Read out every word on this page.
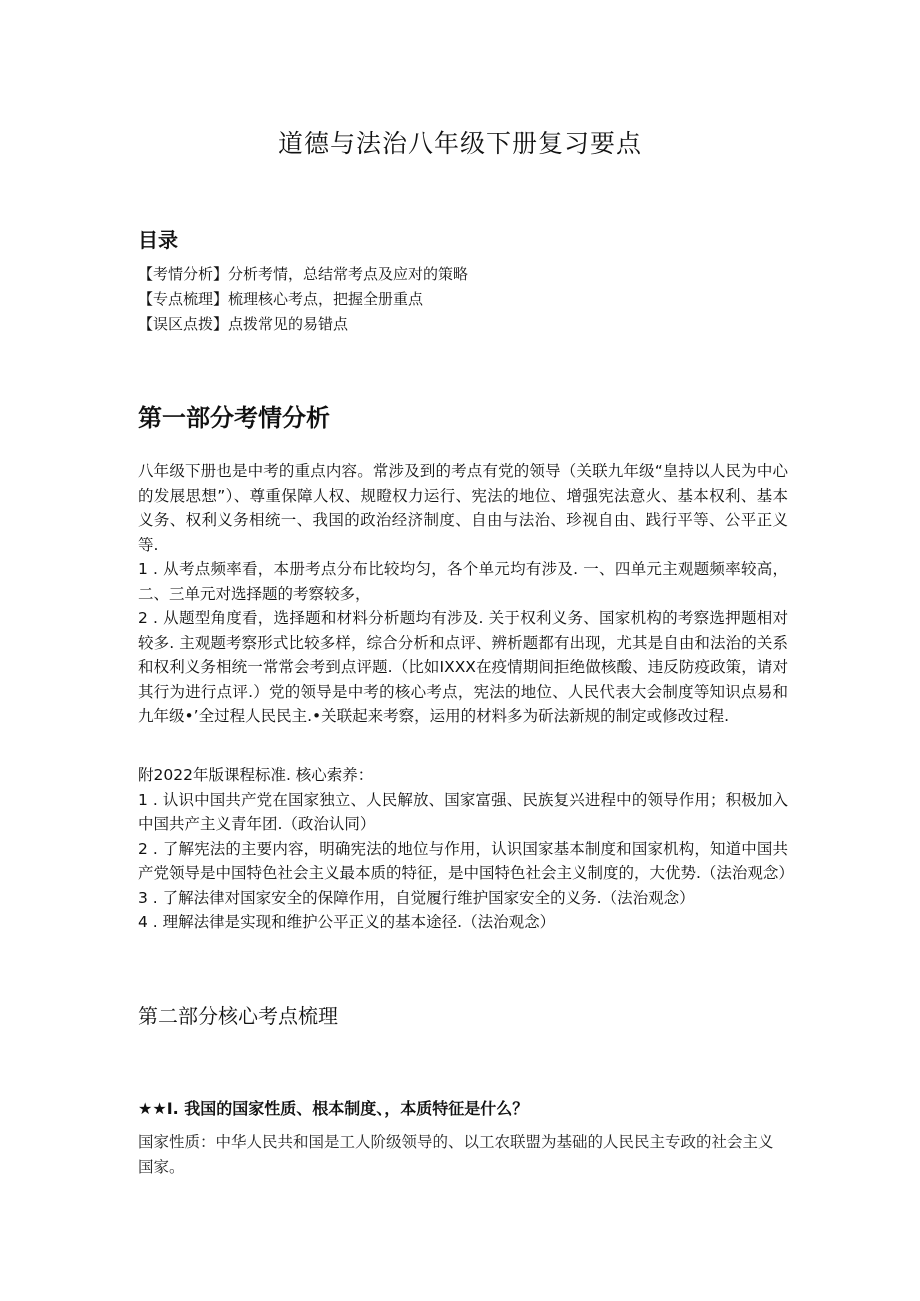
道德与法治八年级下册复习要点
目录
【考情分析】分析考情，总结常考点及应对的策略
【专点梳理】梳理核心考点，把握全册重点
【误区点拨】点拨常见的易错点
第一部分考情分析

八年级下册也是中考的重点内容。常涉及到的考点有党的领导（关联九年级“皇持以人民为中心的发展思想”）、尊重保障人权、规瞪权力运行、宪法的地位、增强宪法意火、基本权利、基本义务、权利义务相统一、我国的政治经济制度、自由与法治、珍视自由、践行平等、公平正义等.

1 . 从考点频率看，本册考点分布比较均匀，各个单元均有涉及. 一、四单元主观题频率较高，二、三单元对选择题的考察较多，

2 . 从题型角度看，选择题和材料分析题均有涉及. 关于权利义务、国家机构的考察选押题相对较多. 主观题考察形式比较多样，综合分析和点评、辨析题都有出现，尤其是自由和法治的关系和权利义务相统一常常会考到点评题.（比如IXXX在疫情期间拒绝做核酸、违反防疫政策，请对其行为进行点评.）党的领导是中考的核心考点，宪法的地位、人民代表大会制度等知识点易和九年级•’全过程人民民主.•关联起来考察，运用的材料多为斫法新规的制定或修改过程.

附2022年版课程标准. 核心索养：

1 . 认识中国共产党在国家独立、人民解放、国家富强、民族复兴进程中的领导作用；积极加入中国共产主义青年团.（政治认同）

2 . 了解宪法的主要内容，明确宪法的地位与作用，认识国家基本制度和国家机构，知道中国共产党领导是中国特色社会主义最本质的特征，是中国特色社会主义制度的，大优势.（法治观念）

3 . 了解法律对国家安全的保障作用，自觉履行维护国家安全的义务.（法治观念）

4 . 理解法律是实现和维护公平正义的基本途径.（法治观念）

第二部分核心考点梳理
★★I. 我国的国家性质、根本制度、，本质特征是什么？
国家性质：中华人民共和国是工人阶级领导的、以工农联盟为基础的人民民主专政的社会主义国家。
